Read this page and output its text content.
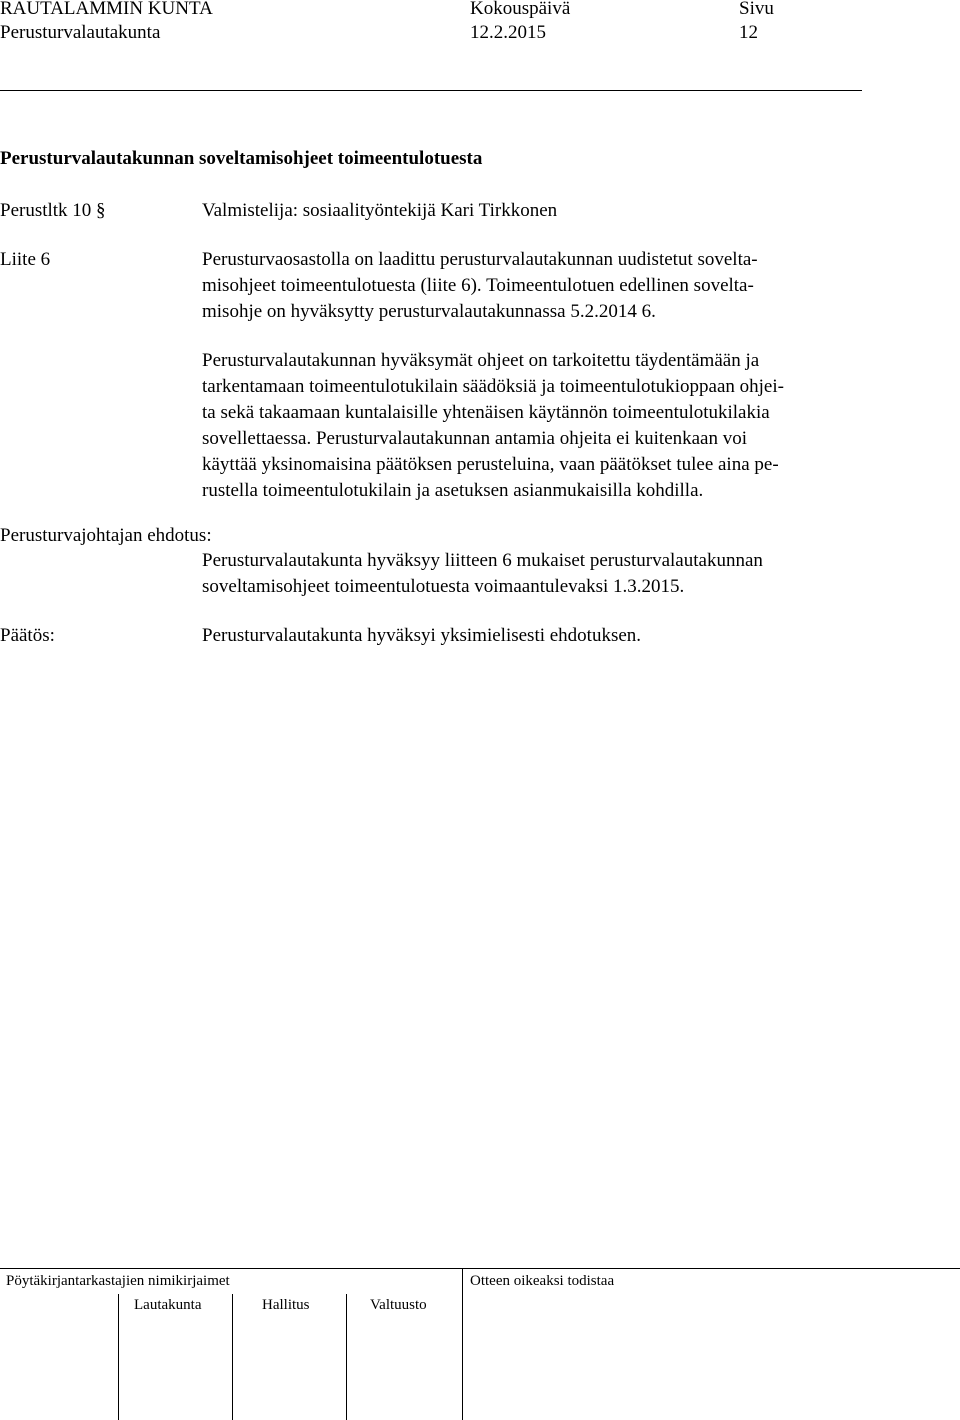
RAUTALAMMIN KUNTA	Kokouspäivä	Sivu
Perusturvalautakunta	12.2.2015	12
Perusturvalautakunnan soveltamisohjeet toimeentulotuesta
Perustltk 10 §	Valmistelija: sosiaalityöntekijä Kari Tirkkonen
Liite 6	Perusturvaosastolla on laadittu perusturvalautakunnan uudistetut sovelta-

misohjeet toimeentulotuesta (liite 6). Toimeentulotuen edellinen sovelta-

misohje on hyväksytty perusturvalautakunnassa 5.2.2014 6.

Perusturvalautakunnan hyväksymät ohjeet on tarkoitettu täydentämään ja

tarkentamaan toimeentulotukilain säädöksiä ja toimeentulotukioppaan ohjei-

ta sekä takaamaan kuntalaisille yhtenäisen käytännön toimeentulotukilakia

sovellettaessa. Perusturvalautakunnan antamia ohjeita ei kuitenkaan voi

käyttää yksinomaisina päätöksen perusteluina, vaan päätökset tulee aina pe-

rustella toimeentulotukilain ja asetuksen asianmukaisilla kohdilla.

Perusturvajohtajan ehdotus:

Perusturvalautakunta hyväksyy liitteen 6 mukaiset perusturvalautakunnan

soveltamisohjeet toimeentulotuesta voimaantulevaksi 1.3.2015.

Päätös:	Perusturvalautakunta hyväksyi yksimielisesti ehdotuksen.
Pöytäkirjantarkastajien nimikirjaimet	Otteen oikeaksi todistaa
Lautakunta	Hallitus	Valtuusto
